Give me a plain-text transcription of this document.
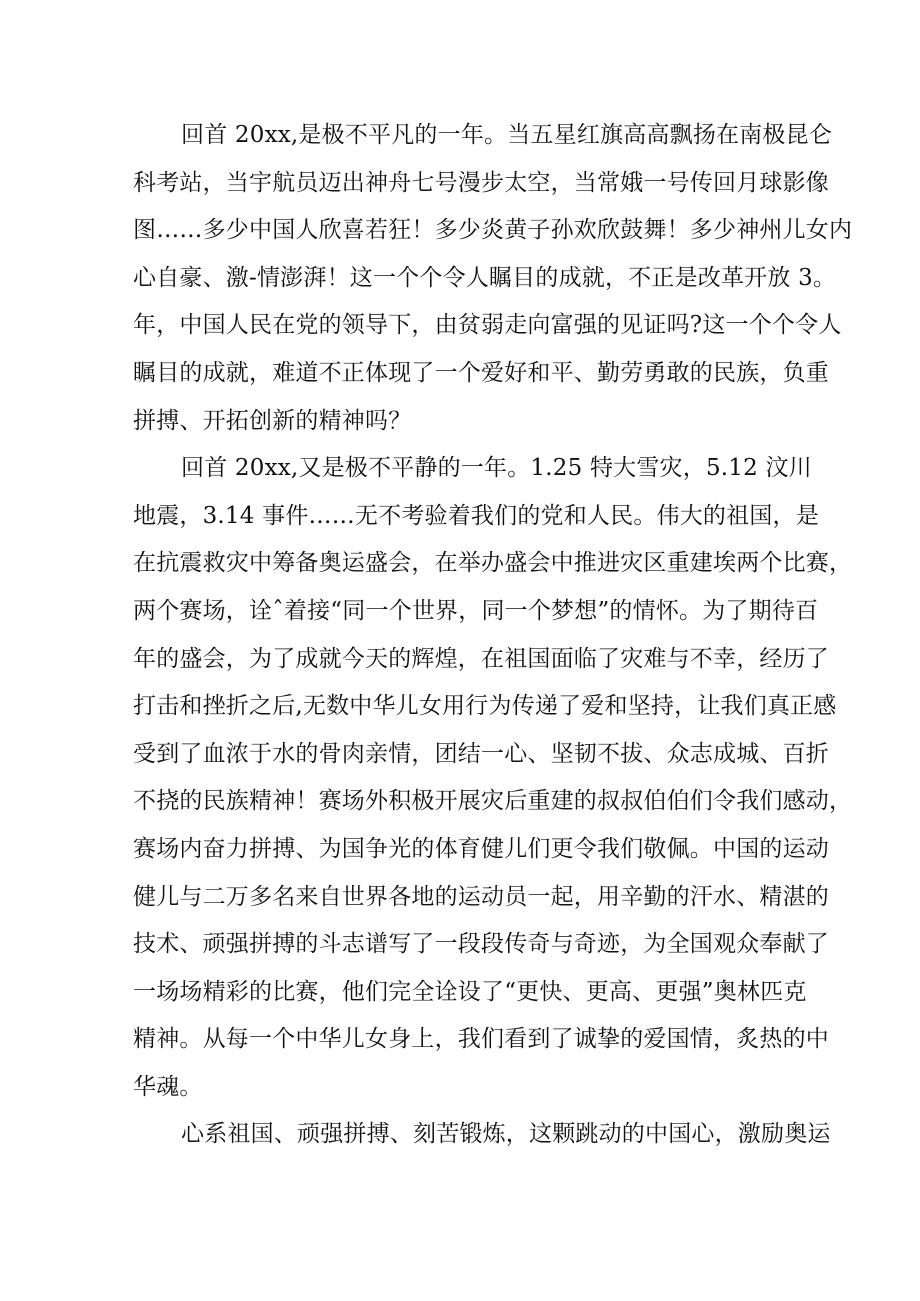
回首 20xx,是极不平凡的一年。当五星红旗高高飘扬在南极昆仑
科考站，当宇航员迈出神舟七号漫步太空，当常娥一号传回月球影像
图……多少中国人欣喜若狂！多少炎黄子孙欢欣鼓舞！多少神州儿女内
心自豪、激-情澎湃！这一个个令人瞩目的成就，不正是改革开放 3。
年，中国人民在党的领导下，由贫弱走向富强的见证吗?这一个个令人
瞩目的成就，难道不正体现了一个爱好和平、勤劳勇敢的民族，负重
拼搏、开拓创新的精神吗？
回首 20xx,又是极不平静的一年。1.25 特大雪灾，5.12 汶川
地震，3.14 事件……无不考验着我们的党和人民。伟大的祖国，是
在抗震救灾中筹备奥运盛会，在举办盛会中推进灾区重建埃两个比赛，
两个赛场，诠ˆ着接“同一个世界，同一个梦想”的情怀。为了期待百
年的盛会，为了成就今天的辉煌，在祖国面临了灾难与不幸，经历了
打击和挫折之后,无数中华儿女用行为传递了爱和坚持，让我们真正感
受到了血浓于水的骨肉亲情，团结一心、坚韧不拔、众志成城、百折
不挠的民族精神！赛场外积极开展灾后重建的叔叔伯伯们令我们感动，
赛场内奋力拼搏、为国争光的体育健儿们更令我们敬佩。中国的运动
健儿与二万多名来自世界各地的运动员一起，用辛勤的汗水、精湛的
技术、顽强拼搏的斗志谱写了一段段传奇与奇迹，为全国观众奉献了
一场场精彩的比赛，他们完全诠设了“更快、更高、更强”奥林匹克
精神。从每一个中华儿女身上，我们看到了诚挚的爱国情，炙热的中
华魂。
心系祖国、顽强拼搏、刻苦锻炼，这颗跳动的中国心，激励奥运
